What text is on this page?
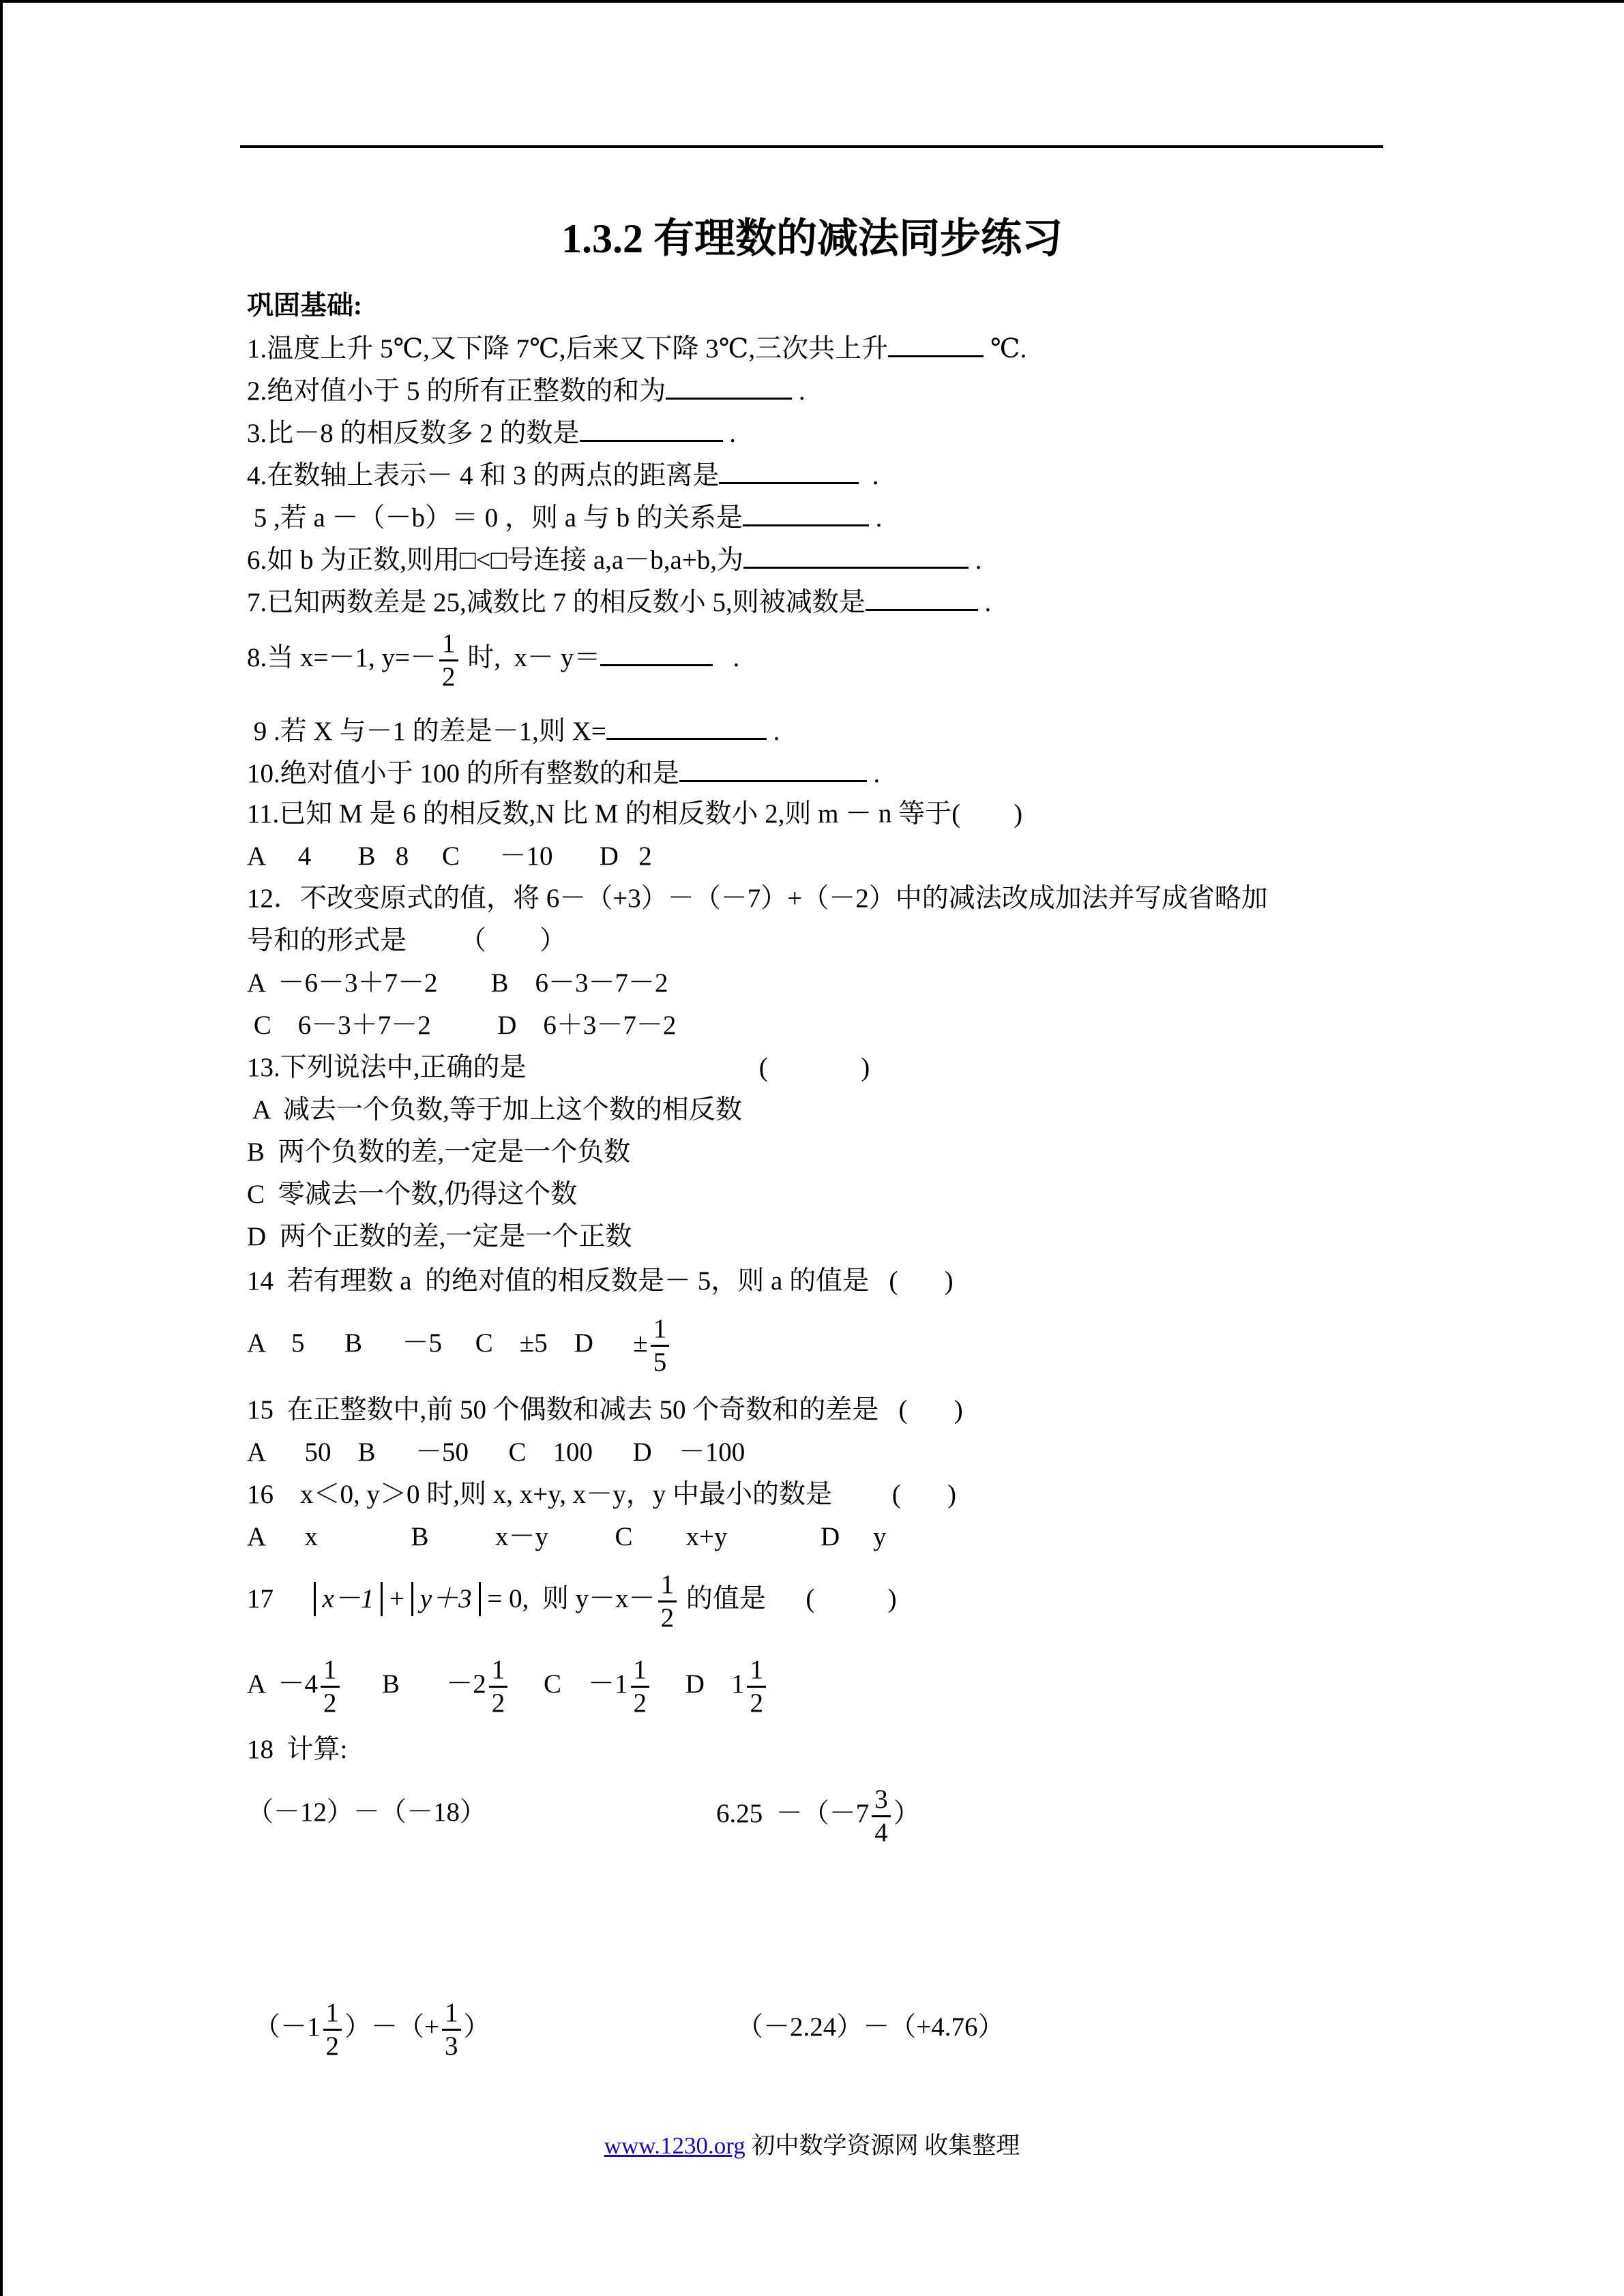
1.3.2 有理数的减法同步练习
巩固基础:
1.温度上升 5℃,又下降 7℃,后来又下降 3℃,三次共上升	℃.
2.绝对值小于 5 的所有正整数的和为	.
3.比－8 的相反数多 2 的数是	.
4.在数轴上表示－ 4 和 3 的两点的距离是	.
5 ,若 a －（－b）＝ 0 ，则 a 与 b 的关系是	.
6.如 b 为正数,则用□<□号连接 a,a－b,a+b,为	.
7.已知两数差是 25,减数比 7 的相反数小 5,则被减数是	.
8.当 x=－1, $y=- \frac{1}{2}$ 时,  x－ y＝	.
9 .若 X 与－1 的差是－1,则 X=	.
10.绝对值小于 100 的所有整数的和是	.
11.已知 M 是 6 的相反数,N 比 M 的相反数小 2,则 m － n 等于(        )
A     4       B   8     C      －10       D   2
12．不改变原式的值，将 6－（+3）－（－7）+（－2）中的减法改成加法并写成省略加
号和的形式是        （        ）
A  －6－3＋7－2        B    6－3－7－2
C    6－3＋7－2          D    6＋3－7－2
13.下列说法中,正确的是                                   (              )
A  减去一个负数,等于加上这个数的相反数
B  两个负数的差,一定是一个负数
C  零减去一个数,仍得这个数
D  两个正数的差,一定是一个正数
14  若有理数 a  的绝对值的相反数是－ 5，则 a 的值是   (       )
A    5      B      －5     C    ±5    D      ± $\frac{1}{5}$
15  在正整数中,前 50 个偶数和减去 50 个奇数和的差是   (       )
A      50    B      －50      C    100      D    －100
16    x＜0, y＞0 时,则 x, x+y, x－y，y 中最小的数是         (       )
A      x              B          x－y          C        x+y              D     y
17 x－1 + y＋3 = 0,  则 $y-x- \frac{1}{2}$ 的值是      (           )
$A -4 \frac{1}{2}$ B       $-2 \frac{1}{2}$ C    $-1 \frac{1}{2}$ D    $1 \frac{1}{2}$
18  计算:
（－12）－（－18）	$6.25 -(-7 \frac{3}{4}$ ）
（$-1 \frac{1}{2}$ ）－（+ $\frac{1}{3}$ ）	（－2.24）－（+4.76）
www.1230.org 初中数学资源网 收集整理
